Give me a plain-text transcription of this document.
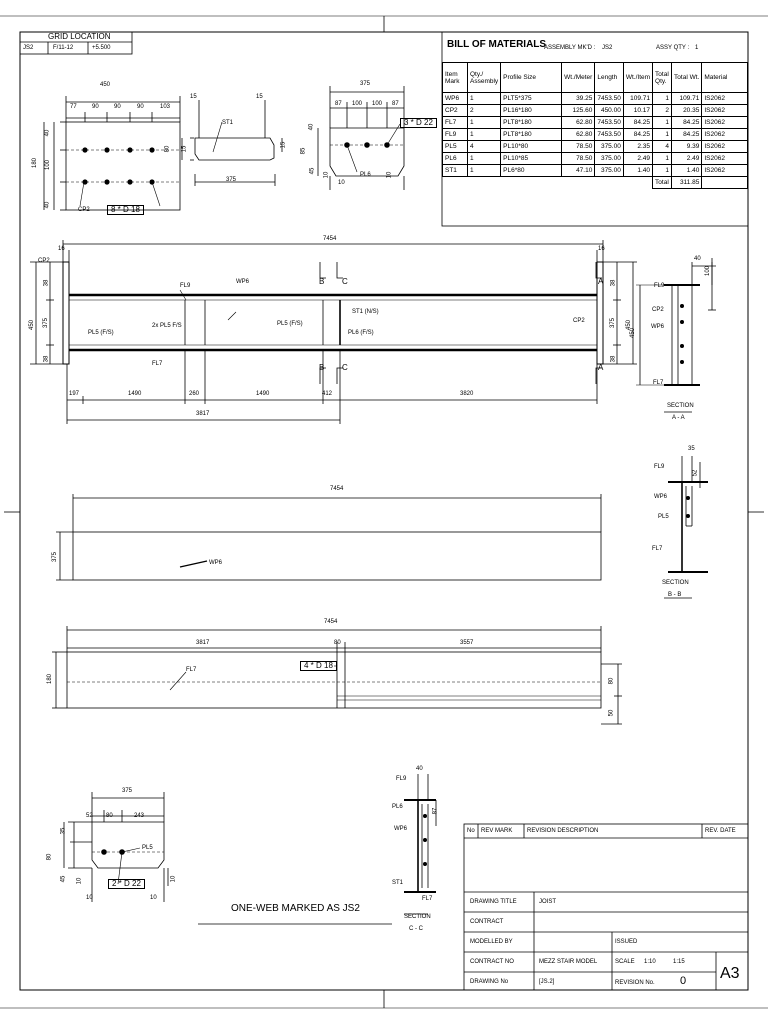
GRID LOCATION
JS2	F/11-12	+5.500	BILL OF MATERIALS
ASSEMBLY MK'D : JS2	ASSY QTY : 1
Item Mark	Qty./ Assembly	Profile Size	Wt./Meter	Length	Wt./Item	Total Qty.	Total Wt.	Material
WP6	1	PLT5*375	39.25	7453.50	109.71	1	109.71	IS2062
CP2	2	PL16*180	125.60	450.00	10.17	2	20.35	IS2062
FL7	1	PLT8*180	62.80	7453.50	84.25	1	84.25	IS2062
FL9	1	PLT8*180	62.80	7453.50	84.25	1	84.25	IS2062
PL5	4	PL10*80	78.50	375.00	2.35	4	9.39	IS2062
PL6	1	PL10*85	78.50	375.00	2.49	1	2.49	IS2062
ST1	1	PL6*80	47.10	375.00	1.40	1	1.40	IS2062
						Total	311.85	
450
77	90	90	90	103
180
40
100
40
CP2	8 * D 18
15	15
ST1
80 15
15
375
375
87 100 100 87
85
40
45
10
10
10
PL6
3 * D 22
7454
16	16
CP2
38
375
38
450
38
375
38
450
FL9
WP6
PL5 (F/S)
2x PL5 F/S	PL5 (F/S)
ST1 (N/S)
PL6 (F/S)
CP2
FL7
B C	A
B C	A
197	1490	260	1490	412	3820
3817
40
100
450
FL9
CP2
WP6
FL7
SECTION
A - A
35
52
FL9
WP6
PL5
FL7
SECTION
B - B
7454
375
WP6
7454
3817	80	3557
180	80
50
FL7	4 * D 18
375
52 80	243
35
80
45 10
10	10
10
PL5
2 * D 22
40
87
FL9
PL6
WP6
ST1
FL7
SECTION
C - C
ONE-WEB MARKED AS JS2
No REV MARK REVISION DESCRIPTION	REV. DATE
DRAWING TITLE	JOIST
CONTRACT
MODELLED BY	ISSUED
CONTRACT NO	MEZZ STAIR MODEL	SCALE 1:10	1:15
DRAWING No	[JS.2]	REVISION No. 0 A3
